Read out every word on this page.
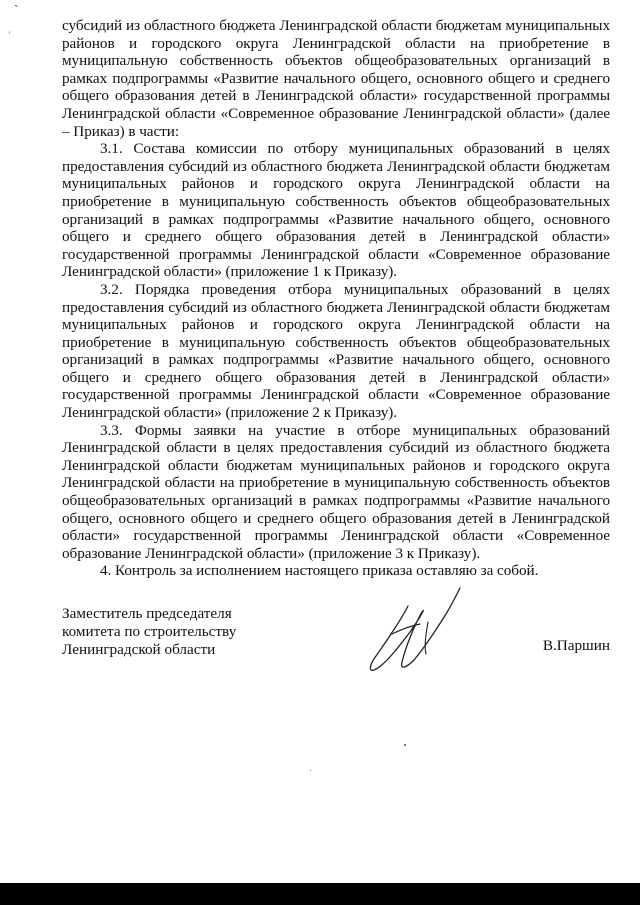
`
'

субсидий из областного бюджета Ленинградской области бюджетам муниципальных районов и городского округа Ленинградской области на приобретение в муниципальную собственность объектов общеобразовательных организаций в рамках подпрограммы «Развитие начального общего, основного общего и среднего общего образования детей в Ленинградской области» государственной программы Ленинградской области «Современное образование Ленинградской области» (далее – Приказ) в части:

3.1. Состава комиссии по отбору муниципальных образований в целях предоставления субсидий из областного бюджета Ленинградской области бюджетам муниципальных районов и городского округа Ленинградской области на приобретение в муниципальную собственность объектов общеобразовательных организаций в рамках подпрограммы «Развитие начального общего, основного общего и среднего общего образования детей в Ленинградской области» государственной программы Ленинградской области «Современное образование Ленинградской области» (приложение 1 к Приказу).

3.2. Порядка проведения отбора муниципальных образований в целях предоставления субсидий из областного бюджета Ленинградской области бюджетам муниципальных районов и городского округа Ленинградской области на приобретение в муниципальную собственность объектов общеобразовательных организаций в рамках подпрограммы «Развитие начального общего, основного общего и среднего общего образования детей в Ленинградской области» государственной программы Ленинградской области «Современное образование Ленинградской области» (приложение 2 к Приказу).

3.3. Формы заявки на участие в отборе муниципальных образований Ленинградской области в целях предоставления субсидий из областного бюджета Ленинградской области бюджетам муниципальных районов и городского округа Ленинградской области на приобретение в муниципальную собственность объектов общеобразовательных организаций в рамках подпрограммы «Развитие начального общего, основного общего и среднего общего образования детей в Ленинградской области» государственной программы Ленинградской области «Современное образование Ленинградской области» (приложение 3 к Приказу).

4. Контроль за исполнением настоящего приказа оставляю за собой.

Заместитель председателя
комитета по строительству
Ленинградской области	В.Паршин
